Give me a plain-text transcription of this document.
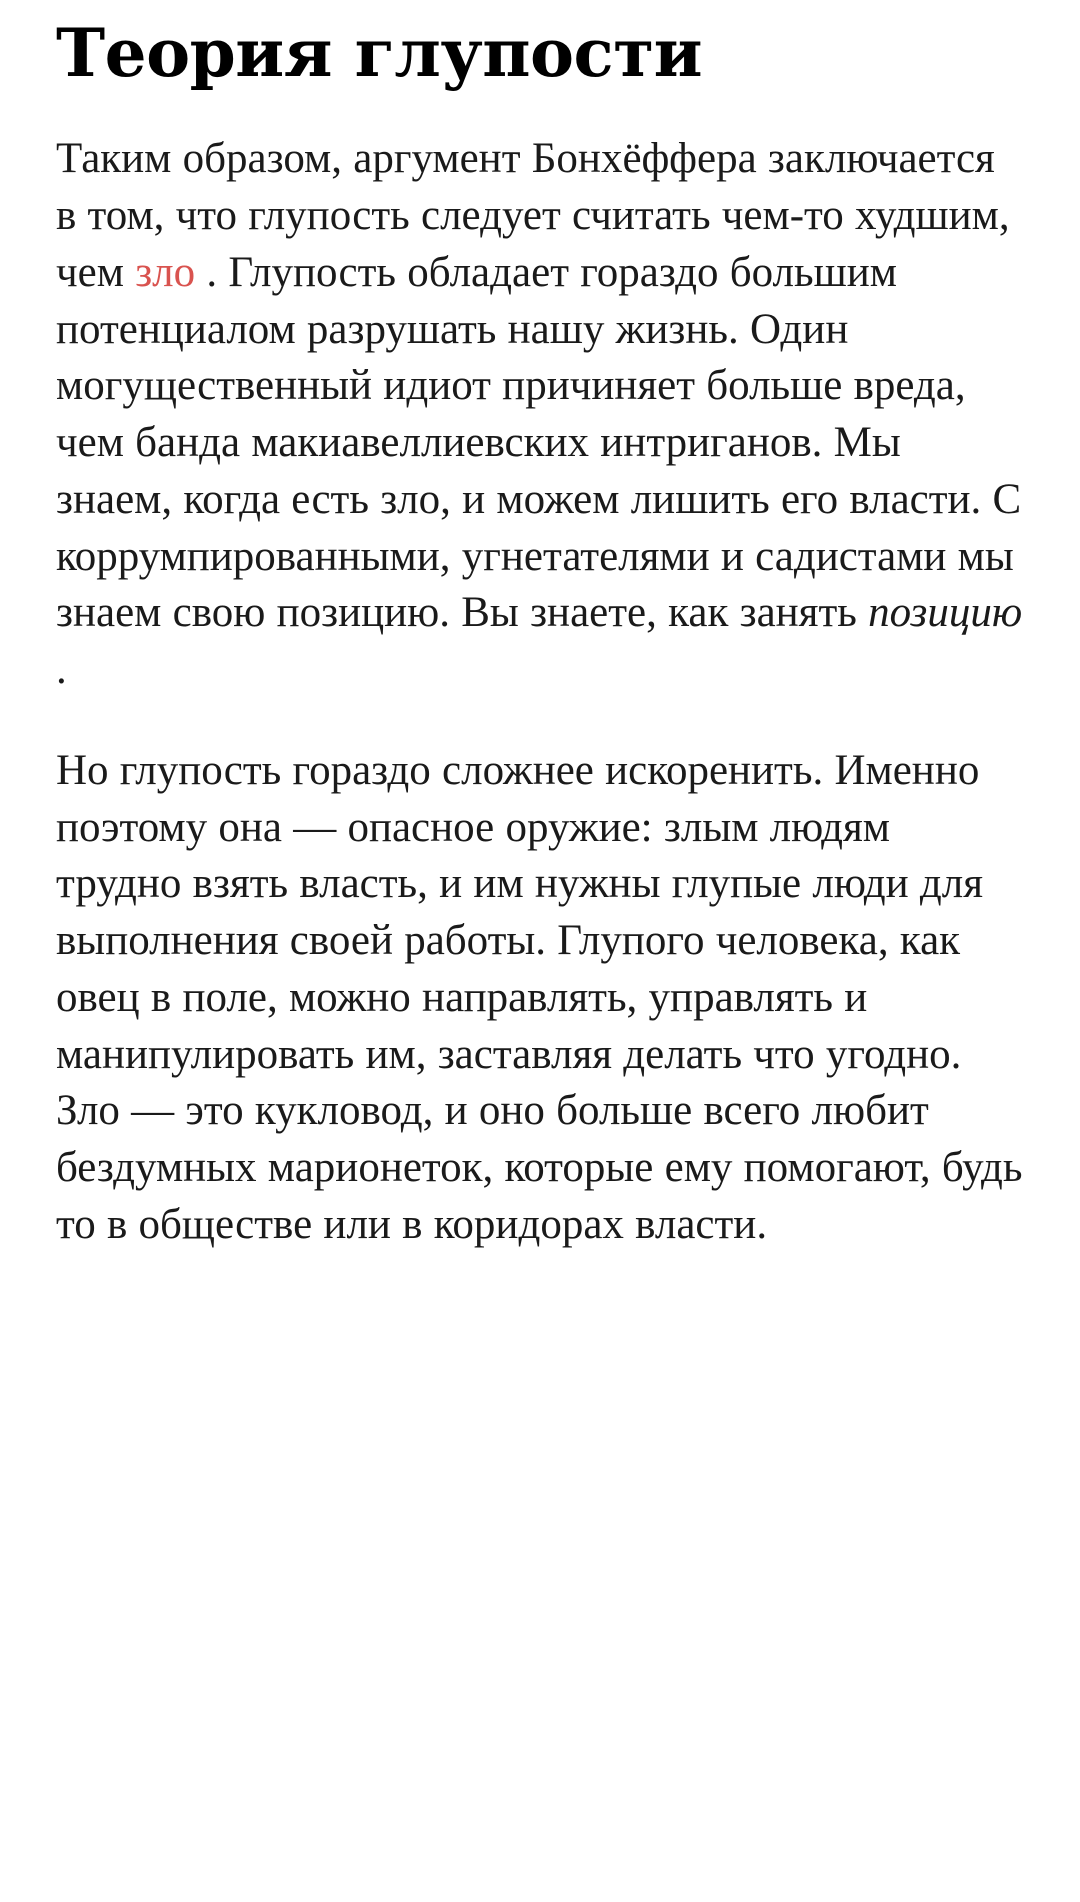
Теория глупости

Таким образом, аргумент Бонхёффера заключается в том, что глупость следует считать чем-то худшим, чем зло . Глупость обладает гораздо большим потенциалом разрушать нашу жизнь. Один могущественный идиот причиняет больше вреда, чем банда макиавеллиевских интриганов. Мы знаем, когда есть зло, и можем лишить его власти. С коррумпированными, угнетателями и садистами мы знаем свою позицию. Вы знаете, как занять позицию .

Но глупость гораздо сложнее искоренить. Именно поэтому она — опасное оружие: злым людям трудно взять власть, и им нужны глупые люди для выполнения своей работы. Глупого человека, как овец в поле, можно направлять, управлять и манипулировать им, заставляя делать что угодно. Зло — это кукловод, и оно больше всего любит бездумных марионеток, которые ему помогают, будь то в обществе или в коридорах власти.
